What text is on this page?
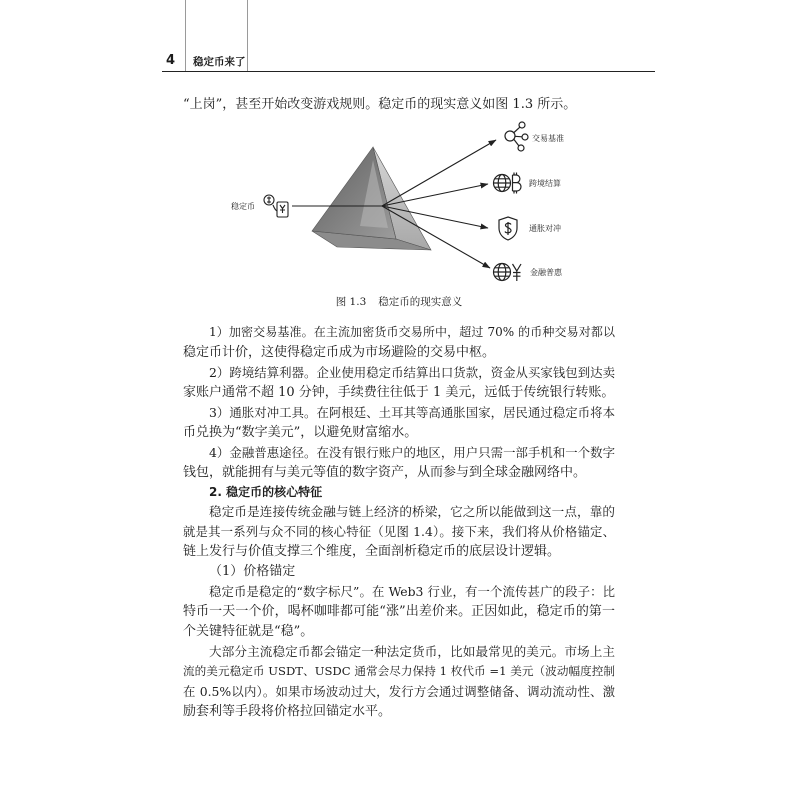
4 稳定币来了
“上岗”，甚至开始改变游戏规则。稳定币的现实意义如图 1.3 所示。
稳定币
交易基准
跨境结算
通胀对冲
金融普惠
图 1.3 稳定币的现实意义
1）加密交易基准。在主流加密货币交易所中，超过 70% 的币种交易对都以
稳定币计价，这使得稳定币成为市场避险的交易中枢。
2）跨境结算利器。企业使用稳定币结算出口货款，资金从买家钱包到达卖
家账户通常不超 10 分钟，手续费往往低于 1 美元，远低于传统银行转账。
3）通胀对冲工具。在阿根廷、土耳其等高通胀国家，居民通过稳定币将本
币兑换为“数字美元”，以避免财富缩水。
4）金融普惠途径。在没有银行账户的地区，用户只需一部手机和一个数字
钱包，就能拥有与美元等值的数字资产，从而参与到全球金融网络中。
2. 稳定币的核心特征
稳定币是连接传统金融与链上经济的桥梁，它之所以能做到这一点，靠的
就是其一系列与众不同的核心特征（见图 1.4）。接下来，我们将从价格锚定、
链上发行与价值支撑三个维度，全面剖析稳定币的底层设计逻辑。
（1）价格锚定
稳定币是稳定的“数字标尺”。在 Web3 行业，有一个流传甚广的段子：比
特币一天一个价，喝杯咖啡都可能“涨”出差价来。正因如此，稳定币的第一
个关键特征就是“稳”。
大部分主流稳定币都会锚定一种法定货币，比如最常见的美元。市场上主
流的美元稳定币 USDT、USDC 通常会尽力保持 1 枚代币 =1 美元（波动幅度控制
在 0.5%以内）。如果市场波动过大，发行方会通过调整储备、调动流动性、激
励套利等手段将价格拉回锚定水平。
